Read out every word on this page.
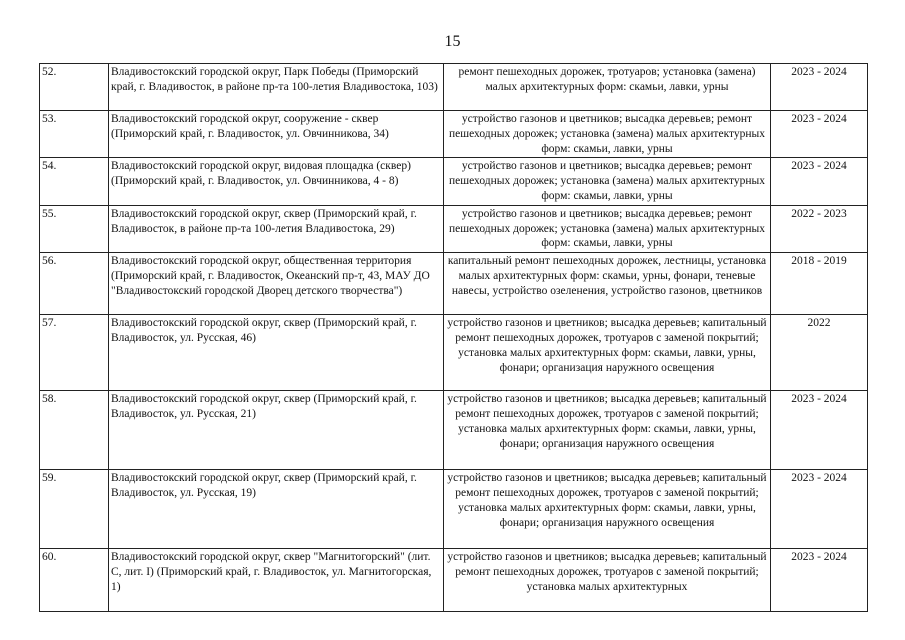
15
52.	Владивостокский городской округ, Парк Победы (Приморский край, г. Владивосток, в районе пр-та 100-летия Владивостока, 103)	ремонт пешеходных дорожек, тротуаров; установка (замена) малых архитектурных форм: скамьи, лавки, урны	2023 - 2024
53.	Владивостокский городской округ, сооружение - сквер (Приморский край, г. Владивосток, ул. Овчинникова, 34)	устройство газонов и цветников; высадка деревьев; ремонт пешеходных дорожек; установка (замена) малых архитектурных форм: скамьи, лавки, урны	2023 - 2024
54.	Владивостокский городской округ, видовая площадка (сквер) (Приморский край, г. Владивосток, ул. Овчинникова, 4 - 8)	устройство газонов и цветников; высадка деревьев; ремонт пешеходных дорожек; установка (замена) малых архитектурных форм: скамьи, лавки, урны	2023 - 2024
55.	Владивостокский городской округ, сквер (Приморский край, г. Владивосток, в районе пр-та 100-летия Владивостока, 29)	устройство газонов и цветников; высадка деревьев; ремонт пешеходных дорожек; установка (замена) малых архитектурных форм: скамьи, лавки, урны	2022 - 2023
56.	Владивостокский городской округ, общественная территория (Приморский край, г. Владивосток, Океанский пр-т, 43, МАУ ДО "Владивостокский городской Дворец детского творчества")	капитальный ремонт пешеходных дорожек, лестницы, установка малых архитектурных форм: скамьи, урны, фонари, теневые навесы, устройство озеленения, устройство газонов, цветников	2018 - 2019
57.	Владивостокский городской округ, сквер (Приморский край, г. Владивосток, ул. Русская, 46)	устройство газонов и цветников; высадка деревьев; капитальный ремонт пешеходных дорожек, тротуаров с заменой покрытий; установка малых архитектурных форм: скамьи, лавки, урны, фонари; организация наружного освещения	2022
58.	Владивостокский городской округ, сквер (Приморский край, г. Владивосток, ул. Русская, 21)	устройство газонов и цветников; высадка деревьев; капитальный ремонт пешеходных дорожек, тротуаров с заменой покрытий; установка малых архитектурных форм: скамьи, лавки, урны, фонари; организация наружного освещения	2023 - 2024
59.	Владивостокский городской округ, сквер (Приморский край, г. Владивосток, ул. Русская, 19)	устройство газонов и цветников; высадка деревьев; капитальный ремонт пешеходных дорожек, тротуаров с заменой покрытий; установка малых архитектурных форм: скамьи, лавки, урны, фонари; организация наружного освещения	2023 - 2024
60.	Владивостокский городской округ, сквер "Магнитогорский" (лит. С, лит. I) (Приморский край, г. Владивосток, ул. Магнитогорская, 1)	устройство газонов и цветников; высадка деревьев; капитальный ремонт пешеходных дорожек, тротуаров с заменой покрытий; установка малых архитектурных	2023 - 2024
